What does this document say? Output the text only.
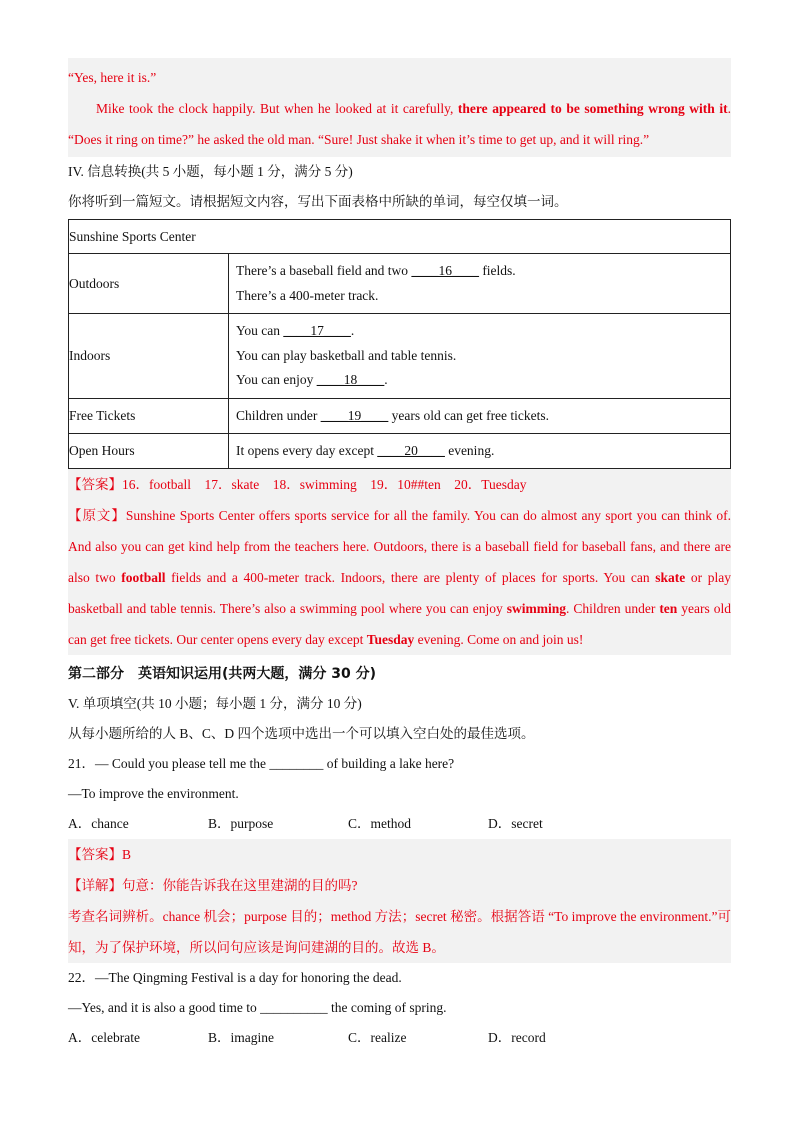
“Yes, here it is.”

Mike took the clock happily. But when he looked at it carefully, there appeared to be something wrong with it. “Does it ring on time?” he asked the old man. “Sure! Just shake it when it’s time to get up, and it will ring.”

IV. 信息转换(共 5 小题，每小题 1 分，满分 5 分)

你将听到一篇短文。请根据短文内容，写出下面表格中所缺的单词，每空仅填一词。

Sunshine Sports Center	

Outdoors	There’s a baseball field and two ____16____ fields.
There’s a 400-meter track.

Indoors	You can ____17____.
You can play basketball and table tennis.
You can enjoy ____18____.

Free Tickets	Children under ____19____ years old can get free tickets.

Open Hours	It opens every day except ____20____ evening.

【答案】16．football　17．skate　18．swimming　19．10##ten　20．Tuesday

【原文】Sunshine Sports Center offers sports service for all the family. You can do almost any sport you can think of. And also you can get kind help from the teachers here. Outdoors, there is a baseball field for baseball fans, and there are also two football fields and a 400-meter track. Indoors, there are plenty of places for sports. You can skate or play basketball and table tennis. There’s also a swimming pool where you can enjoy swimming. Children under ten years old can get free tickets. Our center opens every day except Tuesday evening. Come on and join us!

第二部分　英语知识运用(共两大题，满分 30 分)

V. 单项填空(共 10 小题；每小题 1 分，满分 10 分)

从每小题所给的人 B、C、D 四个选项中选出一个可以填入空白处的最佳选项。

21．— Could you please tell me the ________ of building a lake here?

—To improve the environment.

A．chance	B．purpose	C．method	D．secret

【答案】B

【详解】句意：你能告诉我在这里建湖的目的吗?

考查名词辨析。chance 机会；purpose 目的；method 方法；secret 秘密。根据答语 “To improve the environment.”可知，为了保护环境，所以问句应该是询问建湖的目的。故选 B。

22．—The Qingming Festival is a day for honoring the dead.

—Yes, and it is also a good time to __________ the coming of spring.

A．celebrate	B．imagine	C．realize	D．record
